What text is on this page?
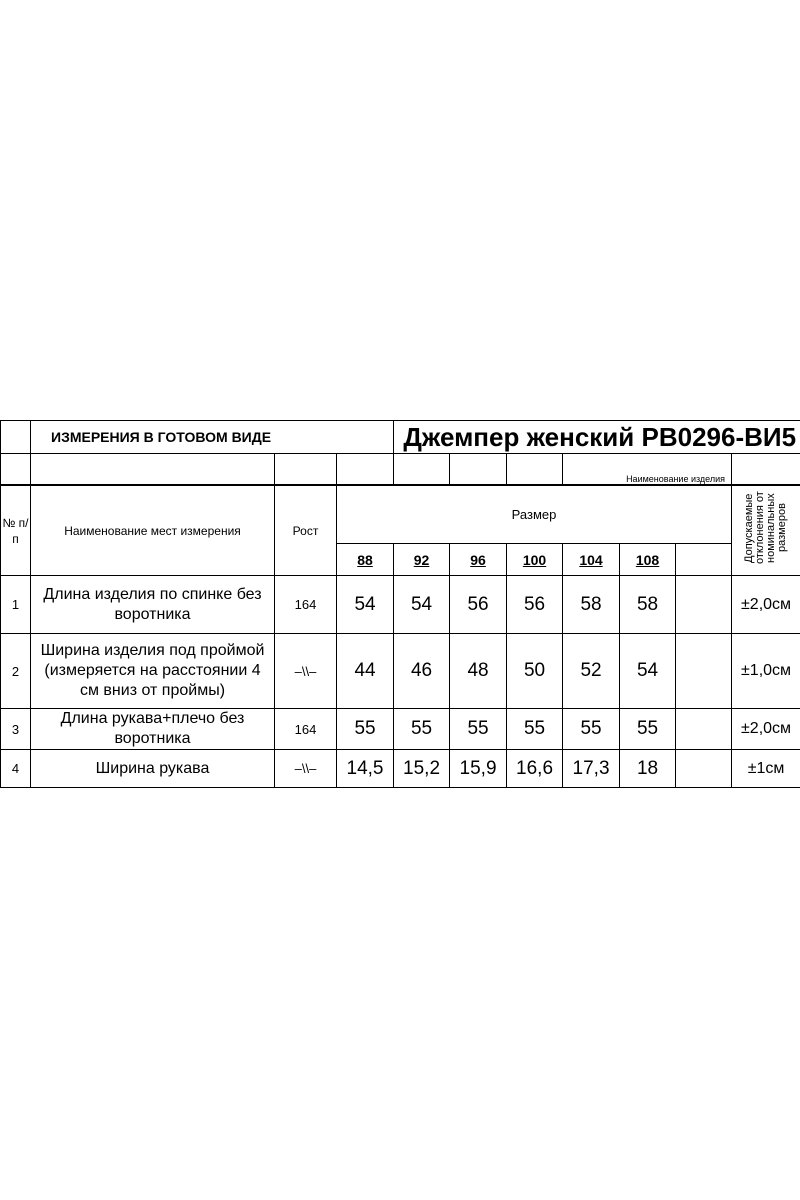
	ИЗМЕРЕНИЯ В ГОТОВОМ ВИДЕ			Джемпер женский PB0296-ВИ5						
							Наименование изделия			
№ п/п	Наименование мест измерения	Рост	Размер							Допускаемые отклонения от номинальных размеров
			88	92	96	100	104	108		
1	Длина изделия по спинке без воротника	164	54	54	56	56	58	58		±2,0см
2	Ширина изделия под проймой (измеряется на расстоянии 4 см вниз от проймы)	–\\–	44	46	48	50	52	54		±1,0см
3	Длина рукава+плечо без воротника	164	55	55	55	55	55	55		±2,0см
4	Ширина рукава	–\\–	14,5	15,2	15,9	16,6	17,3	18		±1см
